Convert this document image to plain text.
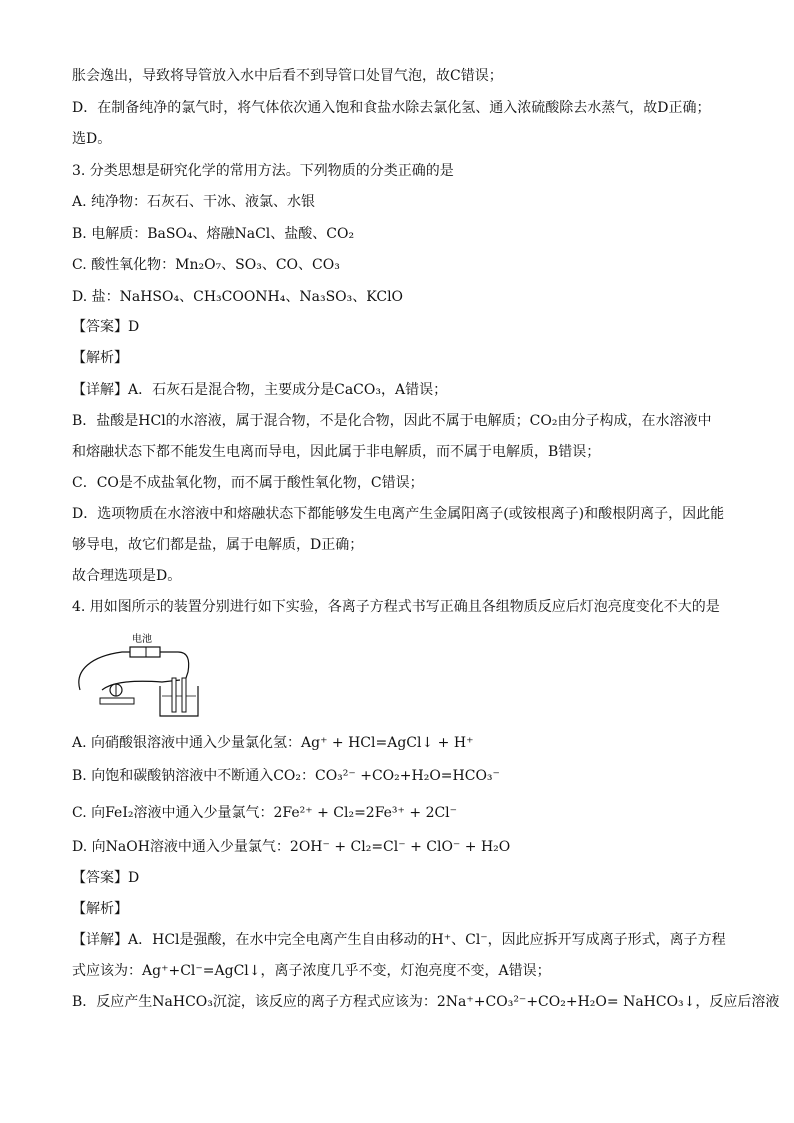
胀会逸出，导致将导管放入水中后看不到导管口处冒气泡，故C错误；
D．在制备纯净的氯气时，将气体依次通入饱和食盐水除去氯化氢、通入浓硫酸除去水蒸气，故D正确；
选D。
3. 分类思想是研究化学的常用方法。下列物质的分类正确的是
A. 纯净物：石灰石、干冰、液氯、水银
B. 电解质：BaSO₄、熔融NaCl、盐酸、CO₂
C. 酸性氧化物：Mn₂O₇、SO₃、CO、CO₃
D. 盐：NaHSO₄、CH₃COONH₄、Na₃SO₃、KClO
【答案】D
【解析】
【详解】A．石灰石是混合物，主要成分是CaCO₃，A错误；
B．盐酸是HCl的水溶液，属于混合物，不是化合物，因此不属于电解质；CO₂由分子构成，在水溶液中
和熔融状态下都不能发生电离而导电，因此属于非电解质，而不属于电解质，B错误；
C．CO是不成盐氧化物，而不属于酸性氧化物，C错误；
D．选项物质在水溶液中和熔融状态下都能够发生电离产生金属阳离子(或铵根离子)和酸根阴离子，因此能
够导电，故它们都是盐，属于电解质，D正确；
故合理选项是D。
4. 用如图所示的装置分别进行如下实验，各离子方程式书写正确且各组物质反应后灯泡亮度变化不大的是
电池
A. 向硝酸银溶液中通入少量氯化氢：Ag⁺ + HCl=AgCl↓ + H⁺
B. 向饱和碳酸钠溶液中不断通入CO₂：CO₃²⁻ +CO₂+H₂O=HCO₃⁻
C. 向FeI₂溶液中通入少量氯气：2Fe²⁺ + Cl₂=2Fe³⁺ + 2Cl⁻
D. 向NaOH溶液中通入少量氯气：2OH⁻ + Cl₂=Cl⁻ + ClO⁻ + H₂O
【答案】D
【解析】
【详解】A．HCl是强酸，在水中完全电离产生自由移动的H⁺、Cl⁻，因此应拆开写成离子形式，离子方程
式应该为：Ag⁺+Cl⁻=AgCl↓，离子浓度几乎不变，灯泡亮度不变，A错误；
B．反应产生NaHCO₃沉淀，该反应的离子方程式应该为：2Na⁺+CO₃²⁻+CO₂+H₂O= NaHCO₃↓，反应后溶液
